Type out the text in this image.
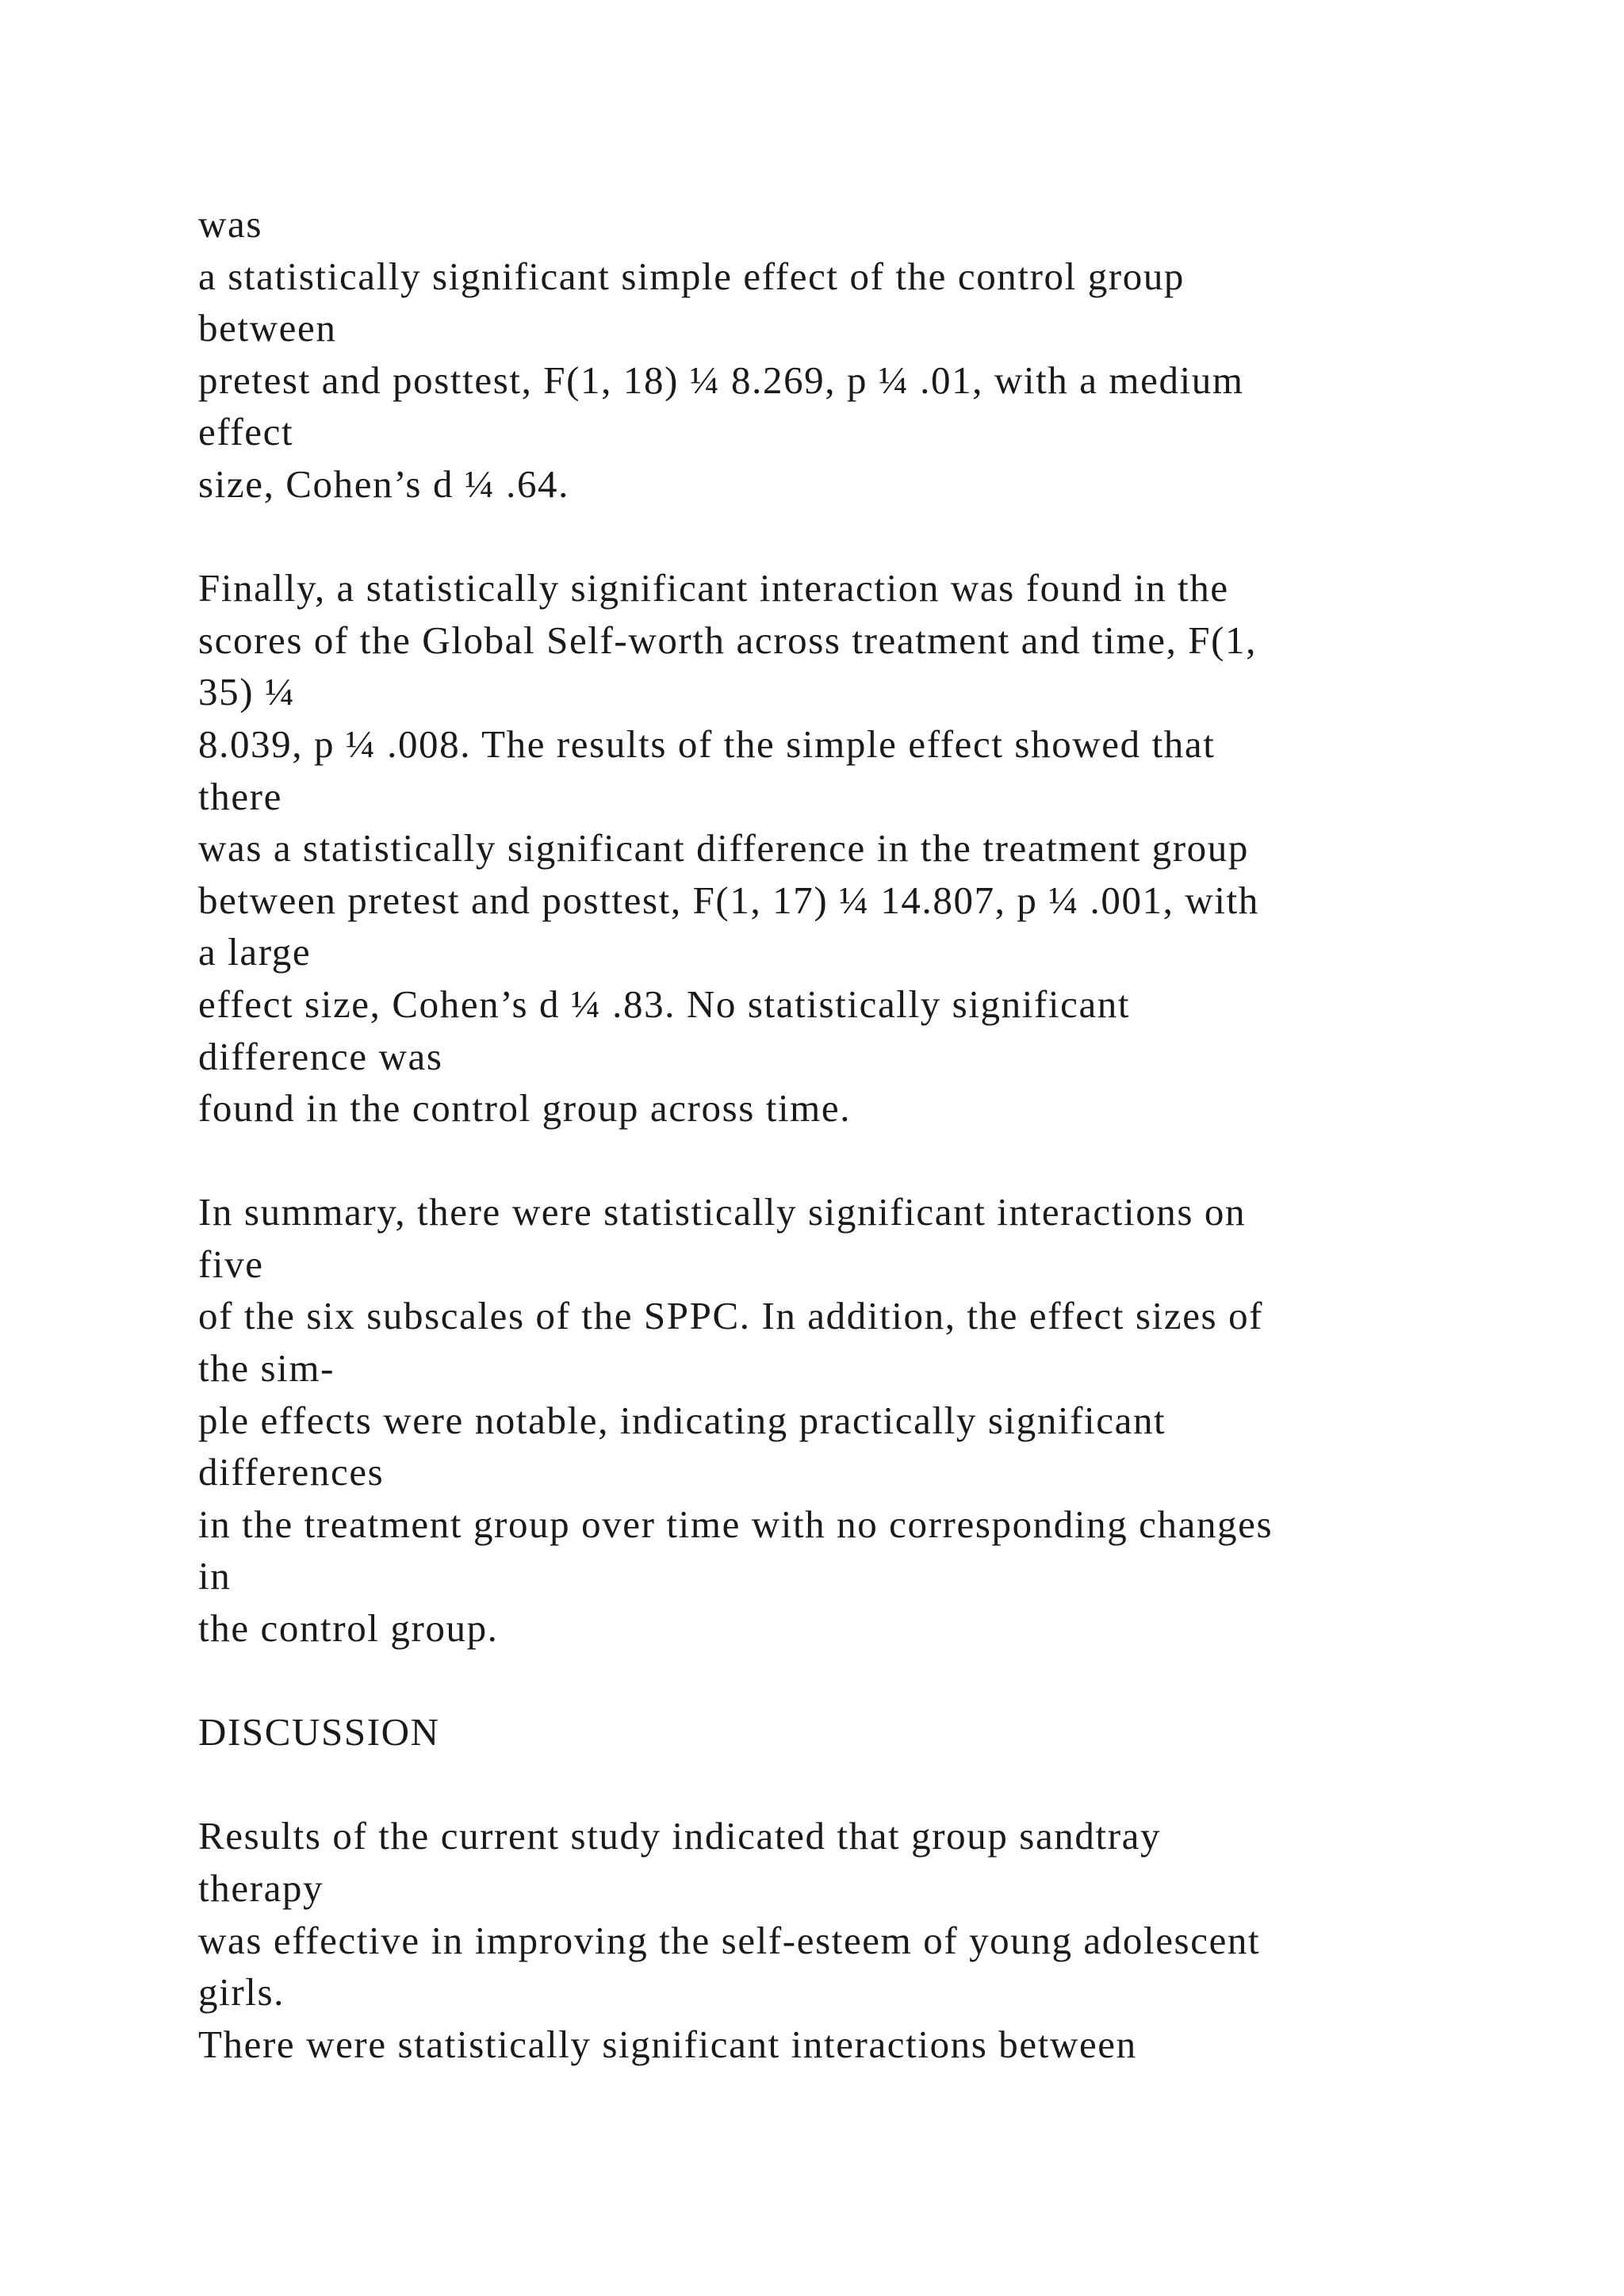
was
a statistically significant simple effect of the control group
between
pretest and posttest, F(1, 18) ¼ 8.269, p ¼ .01, with a medium
effect
size, Cohen’s d ¼ .64.
Finally, a statistically significant interaction was found in the
scores of the Global Self-worth across treatment and time, F(1,
35) ¼
8.039, p ¼ .008. The results of the simple effect showed that
there
was a statistically significant difference in the treatment group
between pretest and posttest, F(1, 17) ¼ 14.807, p ¼ .001, with
a large
effect size, Cohen’s d ¼ .83. No statistically significant
difference was
found in the control group across time.
In summary, there were statistically significant interactions on
five
of the six subscales of the SPPC. In addition, the effect sizes of
the sim-
ple effects were notable, indicating practically significant
differences
in the treatment group over time with no corresponding changes
in
the control group.
DISCUSSION
Results of the current study indicated that group sandtray
therapy
was effective in improving the self-esteem of young adolescent
girls.
There were statistically significant interactions between
